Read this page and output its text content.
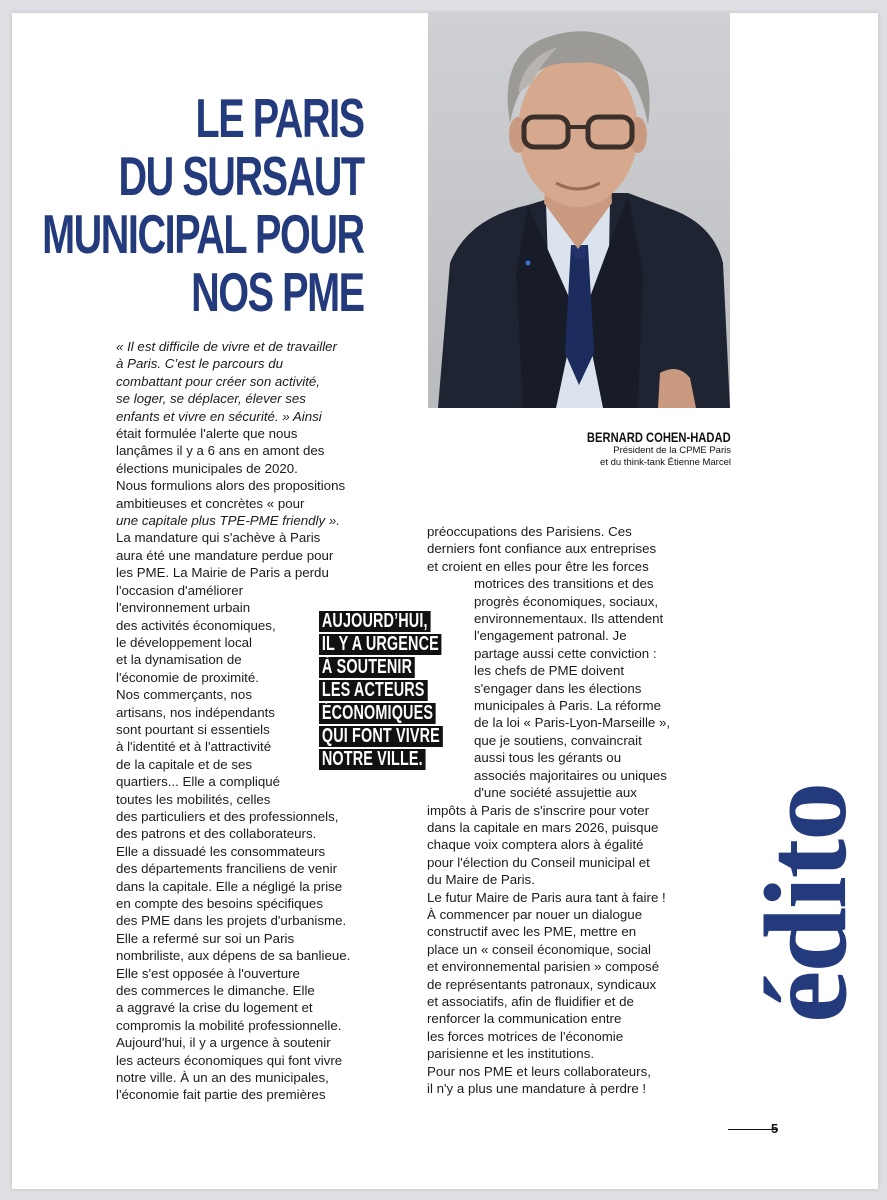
LE PARIS
DU SURSAUT
MUNICIPAL POUR
NOS PME
BERNARD COHEN-HADAD
Président de la CPME Paris
et du think-tank Étienne Marcel
« Il est difficile de vivre et de travailler
à Paris. C’est le parcours du
combattant pour créer son activité,
se loger, se déplacer, élever ses
enfants et vivre en sécurité. » Ainsi
était formulée l'alerte que nous
lançâmes il y a 6 ans en amont des
élections municipales de 2020.
Nous formulions alors des propositions
ambitieuses et concrètes « pour
une capitale plus TPE-PME friendly ».
La mandature qui s'achève à Paris
aura été une mandature perdue pour
les PME. La Mairie de Paris a perdu
l'occasion d'améliorer
l'environnement urbain
des activités économiques,
le développement local
et la dynamisation de
l'économie de proximité.
Nos commerçants, nos
artisans, nos indépendants
sont pourtant si essentiels
à l'identité et à l'attractivité
de la capitale et de ses
quartiers... Elle a compliqué
toutes les mobilités, celles
des particuliers et des professionnels,
des patrons et des collaborateurs.
Elle a dissuadé les consommateurs
des départements franciliens de venir
dans la capitale. Elle a négligé la prise
en compte des besoins spécifiques
des PME dans les projets d'urbanisme.
Elle a refermé sur soi un Paris
nombriliste, aux dépens de sa banlieue.
Elle s'est opposée à l'ouverture
des commerces le dimanche. Elle
a aggravé la crise du logement et
compromis la mobilité professionnelle.
Aujourd'hui, il y a urgence à soutenir
les acteurs économiques qui font vivre
notre ville. À un an des municipales,
l'économie fait partie des premières
préoccupations des Parisiens. Ces
derniers font confiance aux entreprises
et croient en elles pour être les forces
motrices des transitions et des
progrès économiques, sociaux,
environnementaux. Ils attendent
l'engagement patronal. Je
partage aussi cette conviction :
les chefs de PME doivent
s'engager dans les élections
municipales à Paris. La réforme
de la loi « Paris-Lyon-Marseille »,
que je soutiens, convaincrait
aussi tous les gérants ou
associés majoritaires ou uniques
d'une société assujettie aux
impôts à Paris de s'inscrire pour voter
dans la capitale en mars 2026, puisque
chaque voix comptera alors à égalité
pour l'élection du Conseil municipal et
du Maire de Paris.
Le futur Maire de Paris aura tant à faire !
À commencer par nouer un dialogue
constructif avec les PME, mettre en
place un « conseil économique, social
et environnemental parisien » composé
de représentants patronaux, syndicaux
et associatifs, afin de fluidifier et de
renforcer la communication entre
les forces motrices de l'économie
parisienne et les institutions.
Pour nos PME et leurs collaborateurs,
il n'y a plus une mandature à perdre !
AUJOURD’HUI,
IL Y A URGENCE
À SOUTENIR
LES ACTEURS
ÉCONOMIQUES
QUI FONT VIVRE
NOTRE VILLE.
édito
5
